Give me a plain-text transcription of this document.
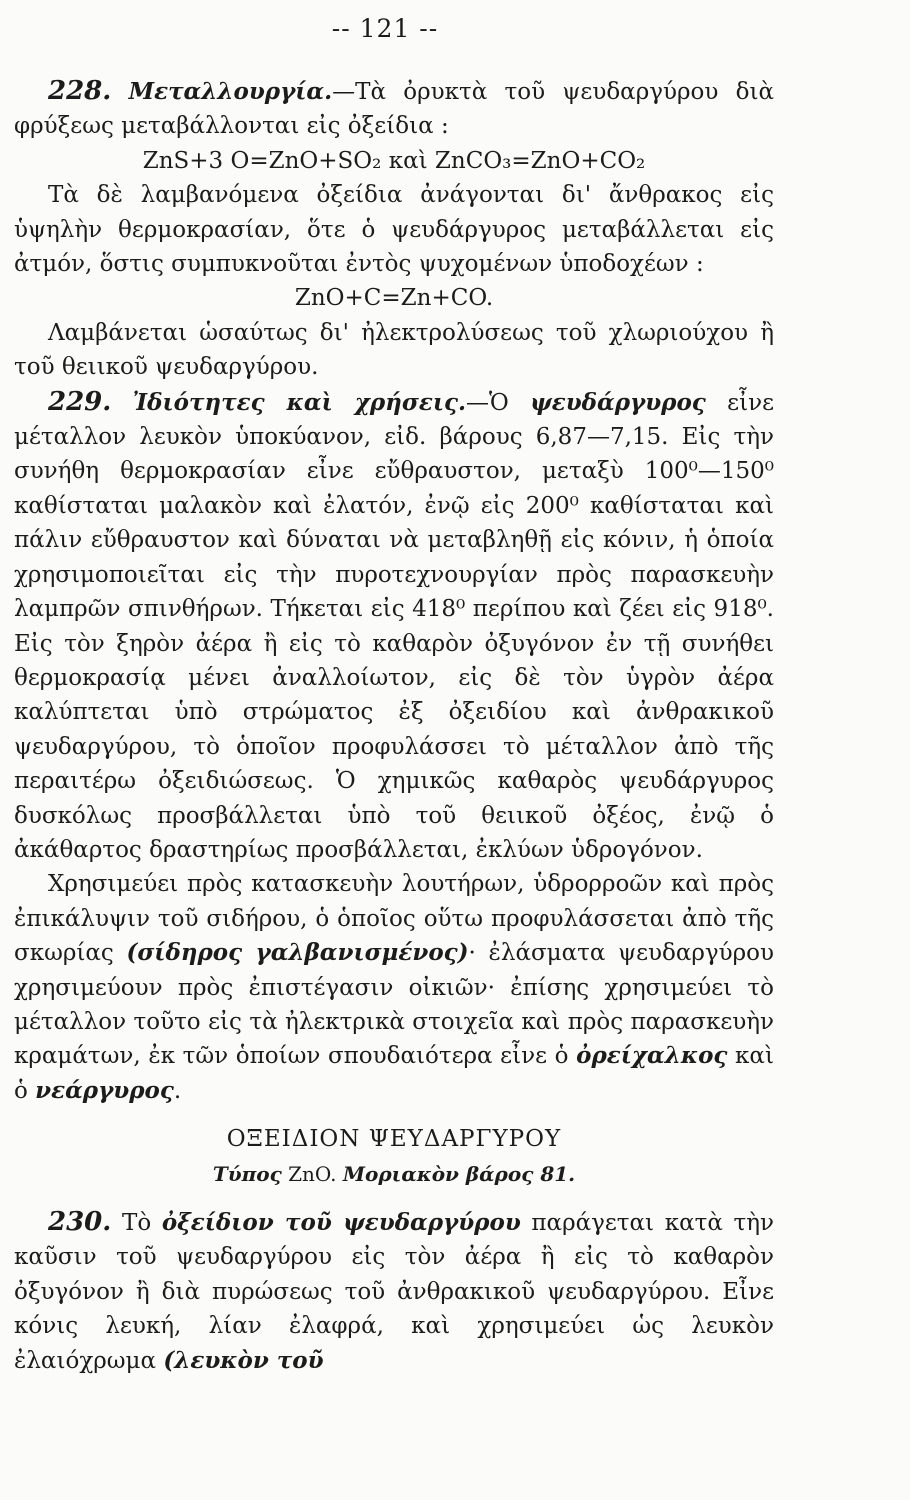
-- 121 --

228. Μεταλλουργία.—Τὰ ὀρυκτὰ τοῦ ψευδαργύρου διὰ φρύξεως μεταβάλλονται εἰς ὀξείδια :

ZnS+3 O=ZnO+SO₂ καὶ ZnCO₃=ZnO+CO₂

Τὰ δὲ λαμβανόμενα ὀξείδια ἀνάγονται δι' ἄνθρακος εἰς ὑψηλὴν θερμοκρασίαν, ὅτε ὁ ψευδάργυρος μεταβάλλεται εἰς ἀτμόν, ὅστις συμπυκνοῦται ἐντὸς ψυχομένων ὑποδοχέων :

ZnO+C=Zn+CO.

Λαμβάνεται ὡσαύτως δι' ἠλεκτρολύσεως τοῦ χλωριούχου ἢ τοῦ θειικοῦ ψευδαργύρου.

229. Ἰδιότητες καὶ χρήσεις.—Ὁ ψευδάργυρος εἶνε μέταλλον λευκὸν ὑποκύανον, εἰδ. βάρους 6,87—7,15. Εἰς τὴν συνήθη θερμοκρασίαν εἶνε εὔθραυστον, μεταξὺ 100⁰—150⁰ καθίσταται μαλακὸν καὶ ἐλατόν, ἐνῷ εἰς 200⁰ καθίσταται καὶ πάλιν εὔθραυστον καὶ δύναται νὰ μεταβληθῇ εἰς κόνιν, ἡ ὁποία χρησιμοποιεῖται εἰς τὴν πυροτεχνουργίαν πρὸς παρασκευὴν λαμπρῶν σπινθήρων. Τήκεται εἰς 418⁰ περίπου καὶ ζέει εἰς 918⁰. Εἰς τὸν ξηρὸν ἀέρα ἢ εἰς τὸ καθαρὸν ὀξυγόνον ἐν τῇ συνήθει θερμοκρασίᾳ μένει ἀναλλοίωτον, εἰς δὲ τὸν ὑγρὸν ἀέρα καλύπτεται ὑπὸ στρώματος ἐξ ὀξειδίου καὶ ἀνθρακικοῦ ψευδαργύρου, τὸ ὁποῖον προφυλάσσει τὸ μέταλλον ἀπὸ τῆς περαιτέρω ὀξειδιώσεως. Ὁ χημικῶς καθαρὸς ψευδάργυρος δυσκόλως προσβάλλεται ὑπὸ τοῦ θειικοῦ ὀξέος, ἐνῷ ὁ ἀκάθαρτος δραστηρίως προσβάλλεται, ἐκλύων ὑδρογόνον.

Χρησιμεύει πρὸς κατασκευὴν λουτήρων, ὑδρορροῶν καὶ πρὸς ἐπικάλυψιν τοῦ σιδήρου, ὁ ὁποῖος οὕτω προφυλάσσεται ἀπὸ τῆς σκωρίας (σίδηρος γαλβανισμένος)· ἐλάσματα ψευδαργύρου χρησιμεύουν πρὸς ἐπιστέγασιν οἰκιῶν· ἐπίσης χρησιμεύει τὸ μέταλλον τοῦτο εἰς τὰ ἠλεκτρικὰ στοιχεῖα καὶ πρὸς παρασκευὴν κραμάτων, ἐκ τῶν ὁποίων σπουδαιότερα εἶνε ὁ ὀρείχαλκος καὶ ὁ νεάργυρος.

ΟΞΕΙΔΙΟΝ ΨΕΥΔΑΡΓΥΡΟΥ

Τύπος ZnO. Μοριακὸν βάρος 81.

230. Τὸ ὀξείδιον τοῦ ψευδαργύρου παράγεται κατὰ τὴν καῦσιν τοῦ ψευδαργύρου εἰς τὸν ἀέρα ἢ εἰς τὸ καθαρὸν ὀξυγόνον ἢ διὰ πυρώσεως τοῦ ἀνθρακικοῦ ψευδαργύρου. Εἶνε κόνις λευκή, λίαν ἐλαφρά, καὶ χρησιμεύει ὡς λευκὸν ἐλαιόχρωμα (λευκὸν τοῦ
